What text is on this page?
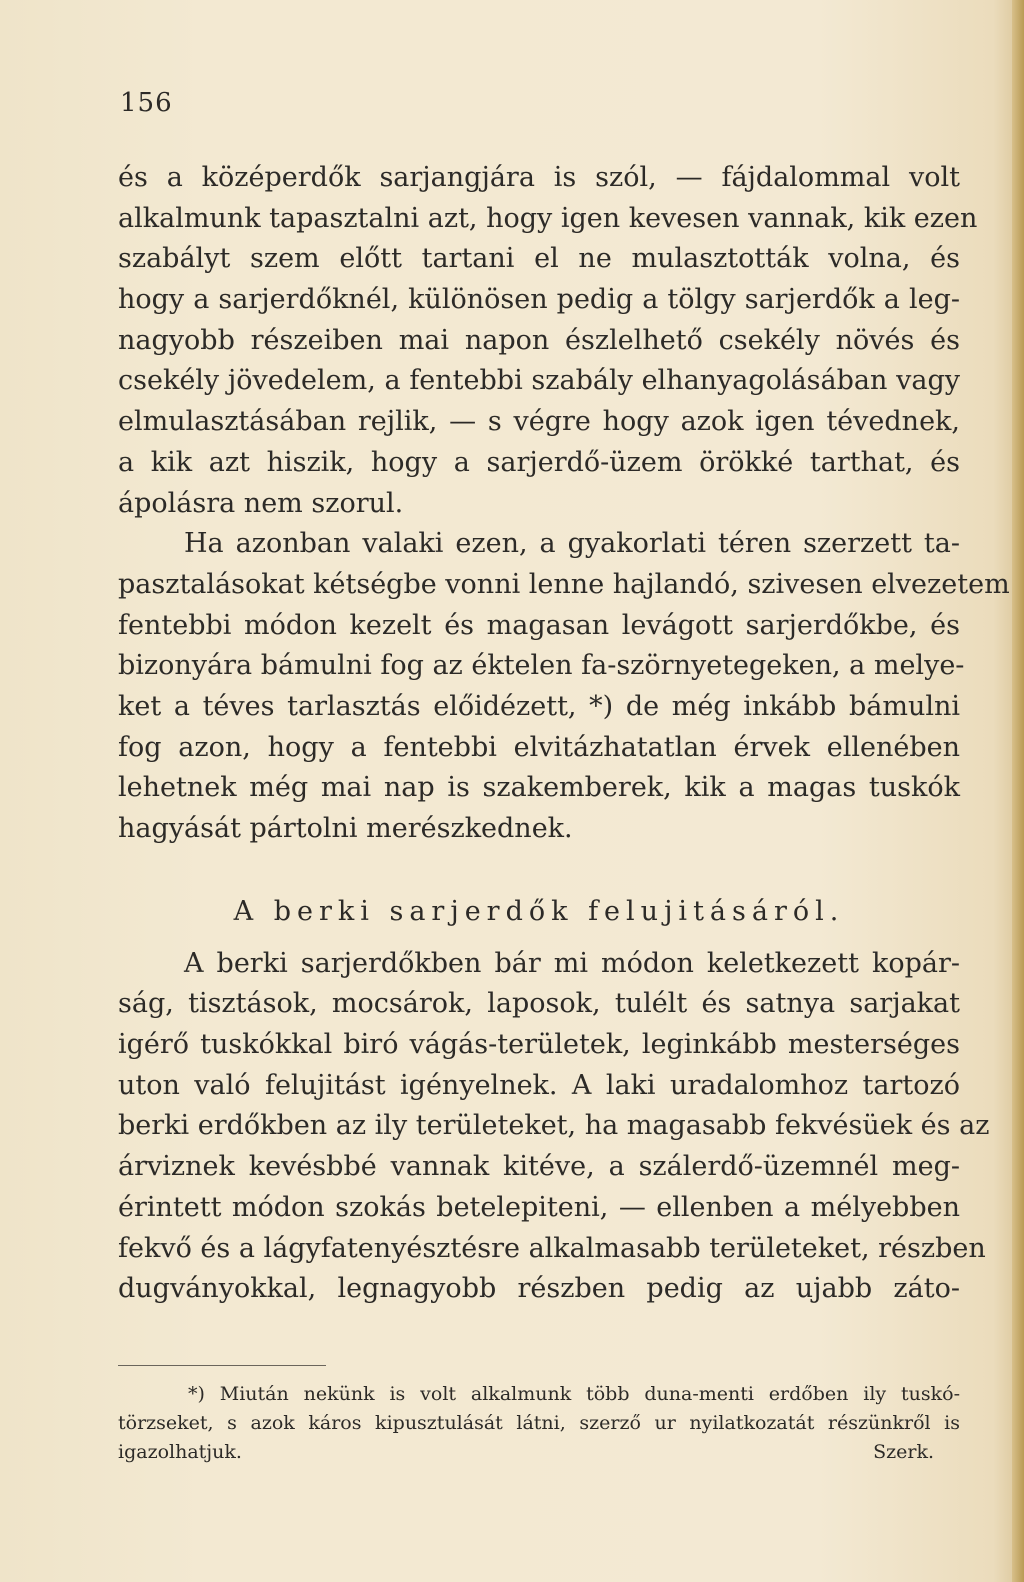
156
és a középerdők sarjangjára is szól, — fájdalommal volt
alkalmunk tapasztalni azt, hogy igen kevesen vannak, kik ezen
szabályt szem előtt tartani el ne mulasztották volna, és
hogy a sarjerdőknél, különösen pedig a tölgy sarjerdők a leg-
nagyobb részeiben mai napon észlelhető csekély növés és
csekély jövedelem, a fentebbi szabály elhanyagolásában vagy
elmulasztásában rejlik, — s végre hogy azok igen tévednek,
a kik azt hiszik, hogy a sarjerdő-üzem örökké tarthat, és
ápolásra nem szorul.
Ha azonban valaki ezen, a gyakorlati téren szerzett ta-
pasztalásokat kétségbe vonni lenne hajlandó, szivesen elvezetem
fentebbi módon kezelt és magasan levágott sarjerdőkbe, és
bizonyára bámulni fog az éktelen fa-szörnyetegeken, a melye-
ket a téves tarlasztás előidézett, *) de még inkább bámulni
fog azon, hogy a fentebbi elvitázhatatlan érvek ellenében
lehetnek még mai nap is szakemberek, kik a magas tuskók
hagyását pártolni merészkednek.
A berki sarjerdők felujitásáról.
A berki sarjerdőkben bár mi módon keletkezett kopár-
ság, tisztások, mocsárok, laposok, tulélt és satnya sarjakat
igérő tuskókkal biró vágás-területek, leginkább mesterséges
uton való felujitást igényelnek. A laki uradalomhoz tartozó
berki erdőkben az ily területeket, ha magasabb fekvésüek és az
árviznek kevésbbé vannak kitéve, a szálerdő-üzemnél meg-
érintett módon szokás betelepiteni, — ellenben a mélyebben
fekvő és a lágyfatenyésztésre alkalmasabb területeket, részben
dugványokkal, legnagyobb részben pedig az ujabb záto-
*) Miután nekünk is volt alkalmunk több duna-menti erdőben ily tuskó-
törzseket, s azok káros kipusztulását látni, szerző ur nyilatkozatát részünkről is
igazolhatjuk.	Szerk.
